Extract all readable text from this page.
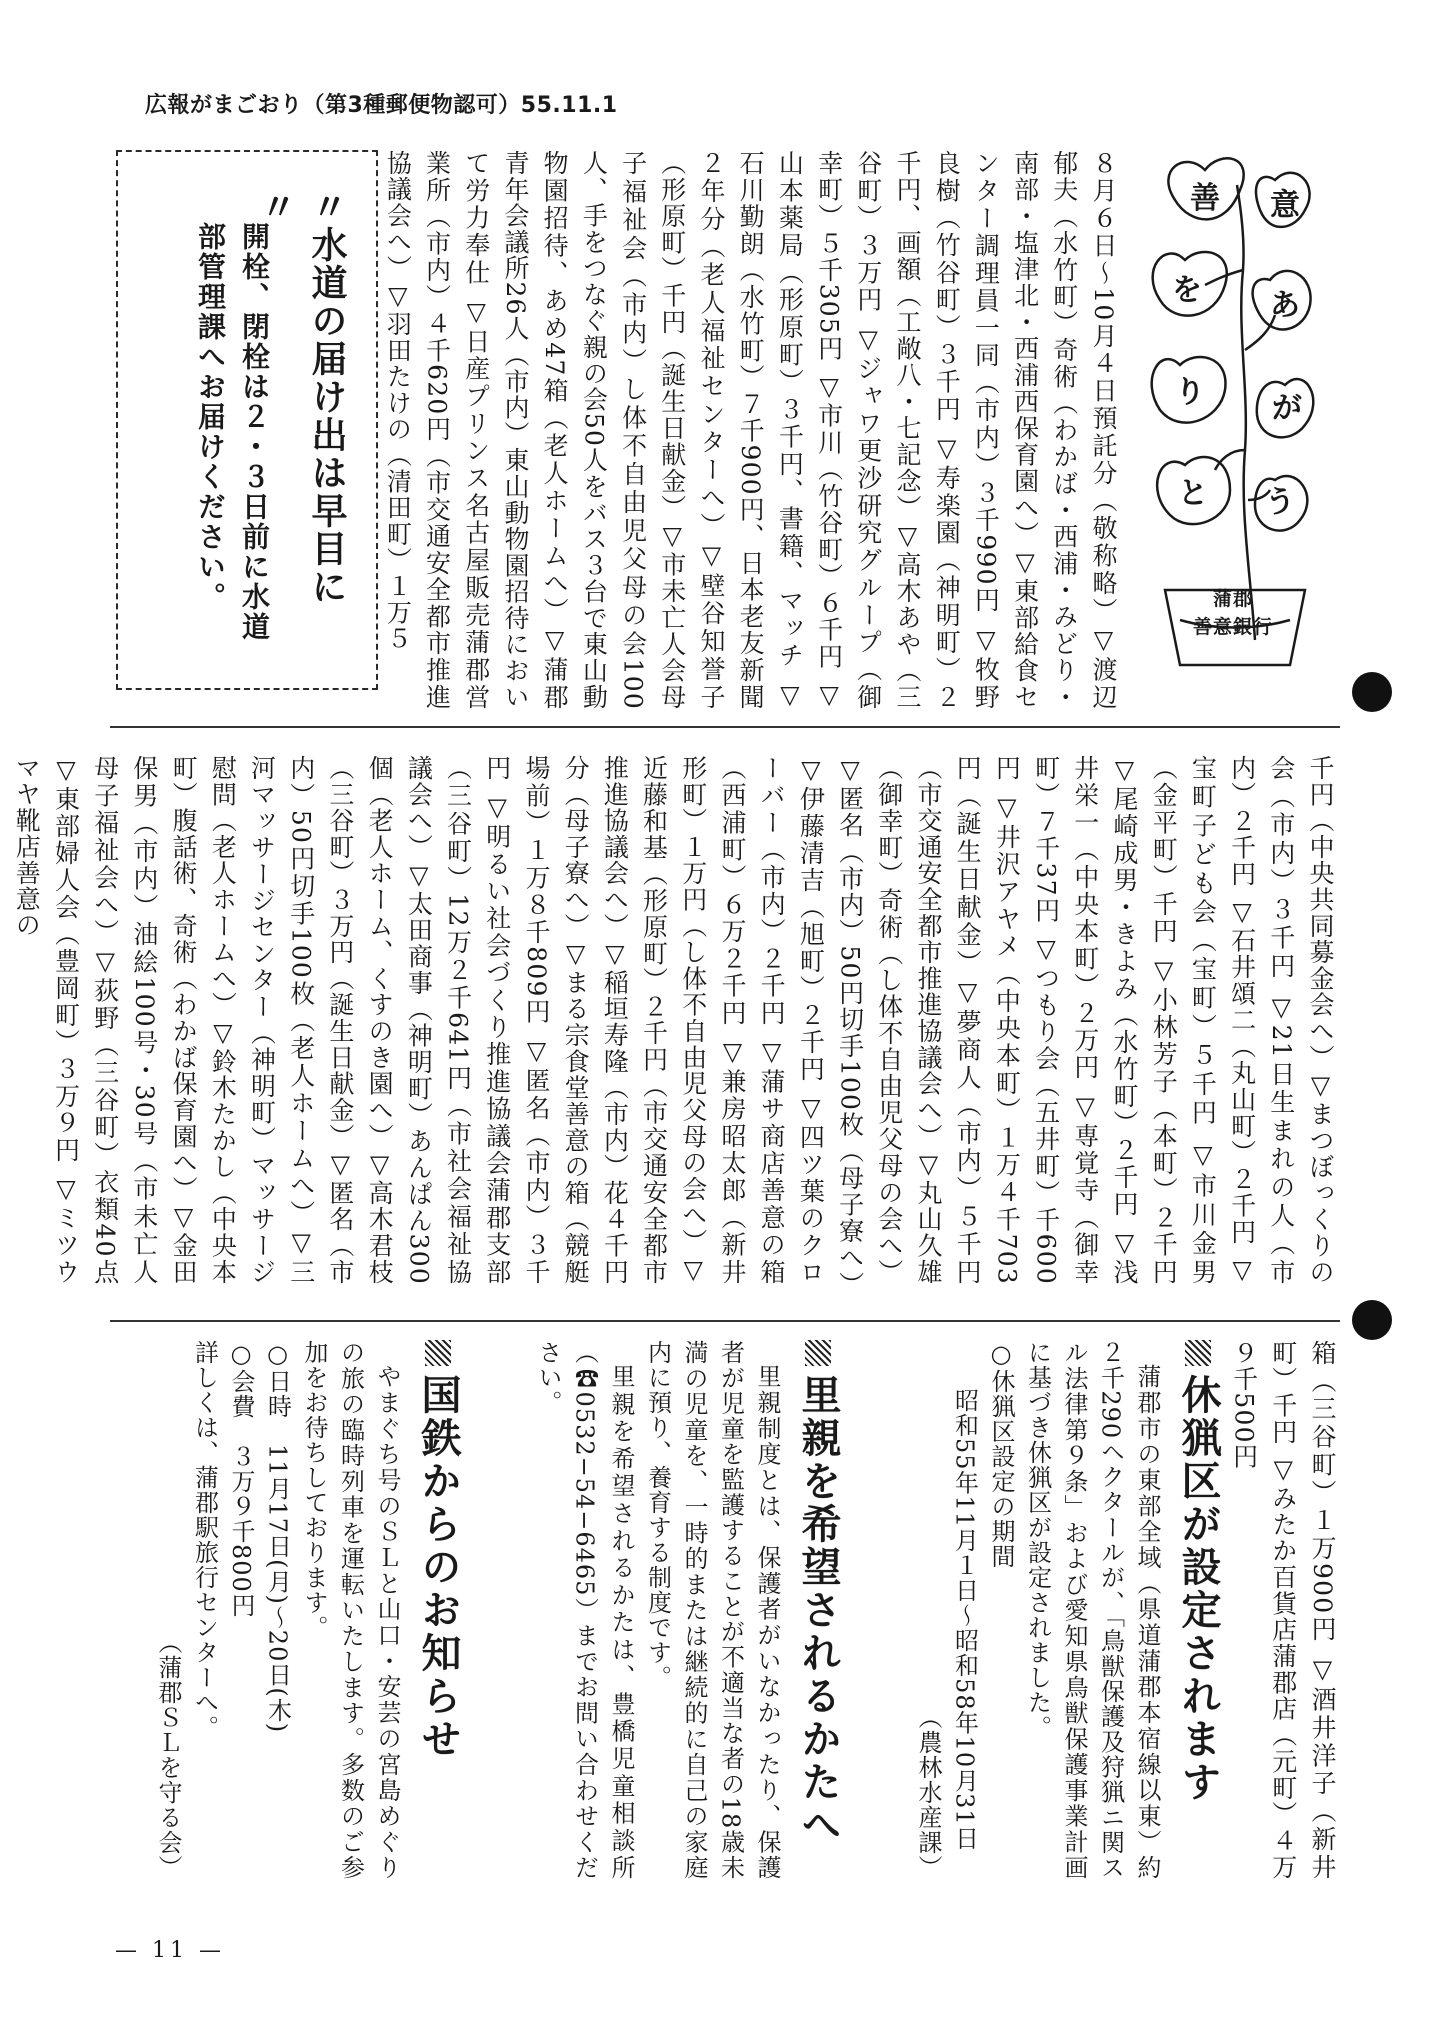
広報がまごおり（第3種郵便物認可）55.11.1
善 意
を あ
り が
と う
蒲郡
善意銀行
８月６日〜10月４日預託分（敬称略）▽渡辺郁夫（水竹町）奇術（わかば・西浦・みどり・南部・塩津北・西浦西保育園へ）▽東部給食センター調理員一同（市内）３千990円 ▽牧野良樹（竹谷町）３千円 ▽寿楽園（神明町）２千円、画額（工敞八・七記念）▽高木あや（三谷町）３万円 ▽ジャワ更沙研究グループ（御幸町）５千305円 ▽市川（竹谷町）６千円 ▽山本薬局（形原町）３千円、書籍、マッチ ▽石川勤朗（水竹町）７千900円、日本老友新聞２年分（老人福祉センターへ）▽壁谷知誉子（形原町）千円（誕生日献金）▽市未亡人会母子福祉会（市内）し体不自由児父母の会100人、手をつなぐ親の会50人をバス３台で東山動物園招待、あめ47箱（老人ホームへ）▽蒲郡青年会議所26人（市内）東山動物園招待において労力奉仕 ▽日産プリンス名古屋販売蒲郡営業所（市内）４千620円（市交通安全都市推進協議会へ）▽羽田たけの（清田町）１万５
〃水道の届け出は早目に〃
開栓、閉栓は２・３日前に水道部管理課へお届けください。
千円（中央共同募金会へ）▽まつぼっくりの会（市内）３千円 ▽21日生まれの人（市内）２千円 ▽石井頌二（丸山町）２千円 ▽宝町子ども会（宝町）５千円 ▽市川金男（金平町）千円 ▽小林芳子（本町）２千円 ▽尾崎成男・きよみ（水竹町）２千円 ▽浅井栄一（中央本町）２万円 ▽専覚寺（御幸町）７千37円 ▽つもり会（五井町）千600円 ▽井沢アヤメ（中央本町）１万４千703円（誕生日献金）▽夢商人（市内）５千円（市交通安全都市推進協議会へ）▽丸山久雄（御幸町）奇術（し体不自由児父母の会へ）▽匿名（市内）50円切手100枚（母子寮へ）▽伊藤清吉（旭町）２千円 ▽四ツ葉のクローバー（市内）２千円 ▽蒲サ商店善意の箱（西浦町）６万２千円 ▽兼房昭太郎（新井形町）１万円（し体不自由児父母の会へ）▽近藤和基（形原町）２千円（市交通安全都市推進協議会へ）▽稲垣寿隆（市内）花４千円分（母子寮へ）▽まる宗食堂善意の箱（競艇場前）１万８千809円 ▽匿名（市内）３千円 ▽明るい社会づくり推進協議会蒲郡支部（三谷町）12万２千641円（市社会福祉協議会へ）▽太田商事（神明町）あんぱん300個（老人ホーム、くすのき園へ）▽高木君枝（三谷町）３万円（誕生日献金）▽匿名（市内）50円切手100枚（老人ホームへ）▽三河マッサージセンター（神明町）マッサージ慰問（老人ホームへ）▽鈴木たかし（中央本町）腹話術、奇術（わかば保育園へ）▽金田保男（市内）油絵100号・30号（市未亡人母子福祉会へ）▽荻野（三谷町）衣類40点 ▽東部婦人会（豊岡町）３万９円 ▽ミツウマヤ靴店善意の
箱（三谷町）１万900円 ▽酒井洋子（新井町）千円 ▽みたか百貨店蒲郡店（元町）４万９千500円
休猟区が設定されます

蒲郡市の東部全域（県道蒲郡本宿線以東）約２千290ヘクタールが、「鳥獣保護及狩猟ニ関スル法律第９条」および愛知県鳥獣保護事業計画に基づき休猟区が設定されました。

○休猟区設定の期間

昭和55年11月１日〜昭和58年10月31日

（農林水産課）

里親を希望されるかたへ

里親制度とは、保護者がいなかったり、保護者が児童を監護することが不適当な者の18歳未満の児童を、一時的または継続的に自己の家庭内に預り、養育する制度です。

里親を希望されるかたは、豊橋児童相談所（☎0532−54−6465）までお問い合わせください。

国鉄からのお知らせ

やまぐち号のＳＬと山口・安芸の宮島めぐりの旅の臨時列車を運転いたします。多数のご参加をお待ちしております。

○日時　11月17日(月)〜20日(木)

○会費　３万９千800円

詳しくは、蒲郡駅旅行センターへ。

（蒲郡ＳＬを守る会）

— 11 —
